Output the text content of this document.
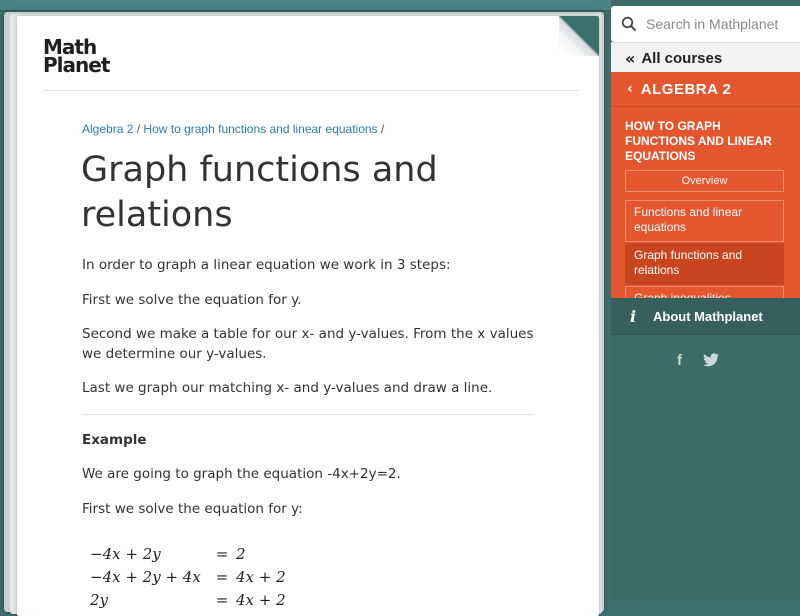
Math
Planet
Algebra 2 / How to graph functions and linear equations /
Graph functions and relations

In order to graph a linear equation we work in 3 steps:

First we solve the equation for y.

Second we make a table for our x- and y-values. From the x values we determine our y-values.

Last we graph our matching x- and y-values and draw a line.

Example

We are going to graph the equation -4x+2y=2.

First we solve the equation for y:

−4x + 2y	= 2
−4x + 2y + 4x = 4x + 2
2y	= 4x + 2
Search in Mathplanet
« All courses
‹ ALGEBRA 2
HOW TO GRAPH FUNCTIONS AND LINEAR EQUATIONS
Overview
Functions and linear equations
Graph functions and relations
i	About Mathplanet
f
